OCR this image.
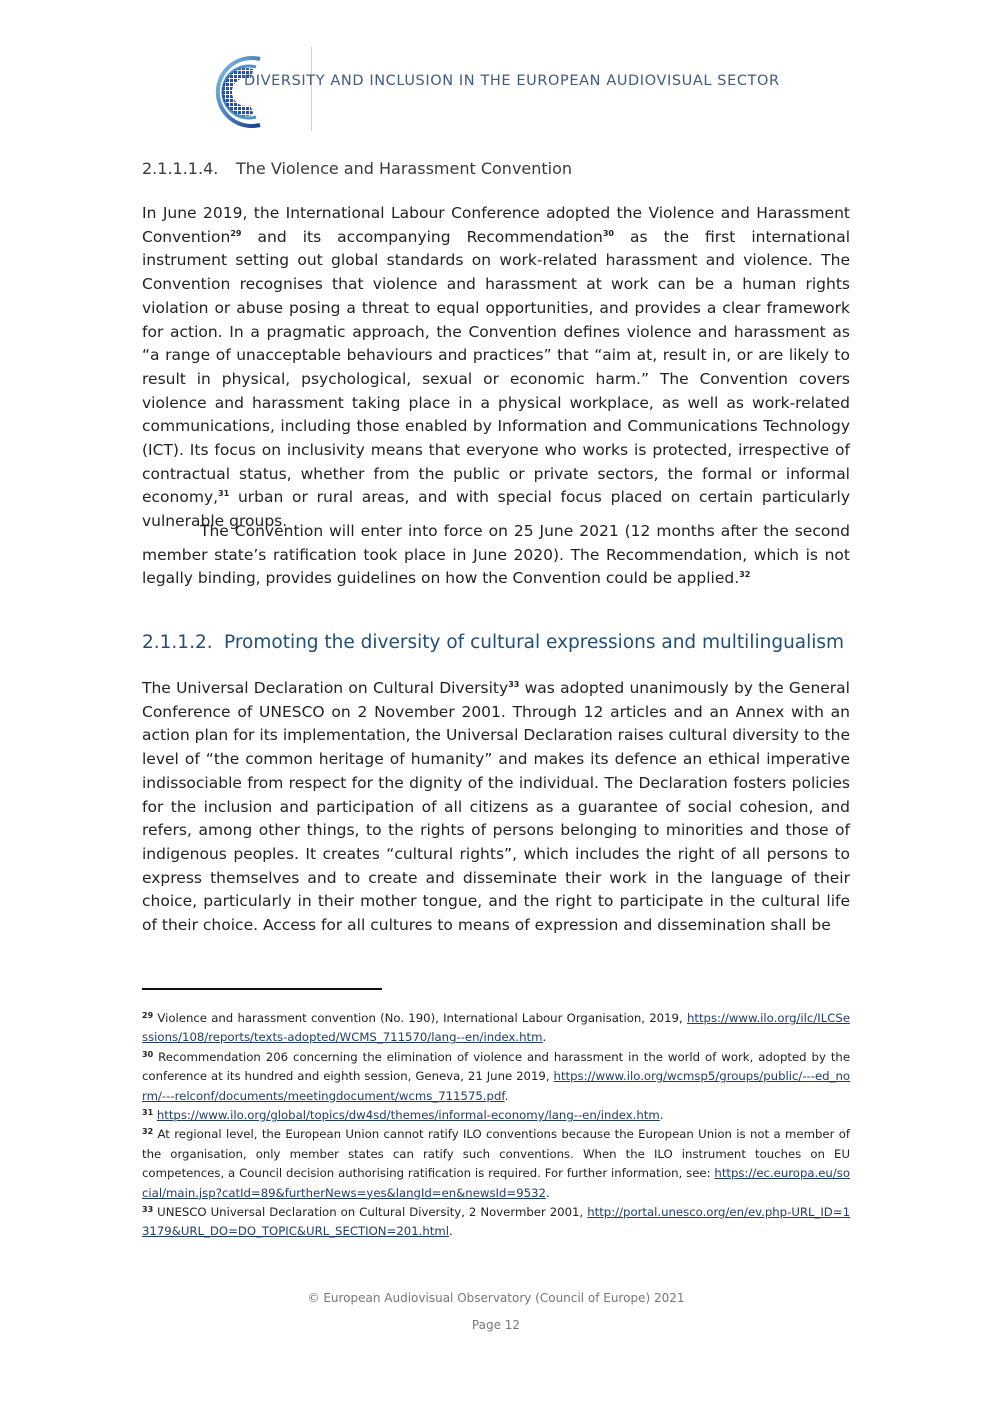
DIVERSITY AND INCLUSION IN THE EUROPEAN AUDIOVISUAL SECTOR
2.1.1.1.4. The Violence and Harassment Convention
In June 2019, the International Labour Conference adopted the Violence and Harassment Convention$^{29}$ and its accompanying Recommendation$^{30}$ as the first international instrument setting out global standards on work-related harassment and violence. The Convention recognises that violence and harassment at work can be a human rights violation or abuse posing a threat to equal opportunities, and provides a clear framework for action. In a pragmatic approach, the Convention defines violence and harassment as “a range of unacceptable behaviours and practices” that “aim at, result in, or are likely to result in physical, psychological, sexual or economic harm.” The Convention covers violence and harassment taking place in a physical workplace, as well as work-related communications, including those enabled by Information and Communications Technology (ICT). Its focus on inclusivity means that everyone who works is protected, irrespective of contractual status, whether from the public or private sectors, the formal or informal economy,$^{31}$ urban or rural areas, and with special focus placed on certain particularly vulnerable groups.
The Convention will enter into force on 25 June 2021 (12 months after the second member state’s ratification took place in June 2020). The Recommendation, which is not legally binding, provides guidelines on how the Convention could be applied.$^{32}$
2.1.1.2. Promoting the diversity of cultural expressions and multilingualism
The Universal Declaration on Cultural Diversity$^{33}$ was adopted unanimously by the General Conference of UNESCO on 2 November 2001. Through 12 articles and an Annex with an action plan for its implementation, the Universal Declaration raises cultural diversity to the level of “the common heritage of humanity” and makes its defence an ethical imperative indissociable from respect for the dignity of the individual. The Declaration fosters policies for the inclusion and participation of all citizens as a guarantee of social cohesion, and refers, among other things, to the rights of persons belonging to minorities and those of indigenous peoples. It creates “cultural rights”, which includes the right of all persons to express themselves and to create and disseminate their work in the language of their choice, particularly in their mother tongue, and the right to participate in the cultural life of their choice. Access for all cultures to means of expression and dissemination shall be
$^{29}$ Violence and harassment convention (No. 190), International Labour Organisation, 2019, https://www.ilo.org/ilc/ILCSessions/108/reports/texts-adopted/WCMS_711570/lang--en/index.htm.
$^{30}$ Recommendation 206 concerning the elimination of violence and harassment in the world of work, adopted by the conference at its hundred and eighth session, Geneva, 21 June 2019, https://www.ilo.org/wcmsp5/groups/public/---ed_norm/---relconf/documents/meetingdocument/wcms_711575.pdf.
$^{31}$ https://www.ilo.org/global/topics/dw4sd/themes/informal-economy/lang--en/index.htm.
$^{32}$ At regional level, the European Union cannot ratify ILO conventions because the European Union is not a member of the organisation, only member states can ratify such conventions. When the ILO instrument touches on EU competences, a Council decision authorising ratification is required. For further information, see: https://ec.europa.eu/social/main.jsp?catId=89&furtherNews=yes&langId=en&newsId=9532.
$^{33}$ UNESCO Universal Declaration on Cultural Diversity, 2 Novermber 2001, http://portal.unesco.org/en/ev.php-URL_ID=13179&URL_DO=DO_TOPIC&URL_SECTION=201.html.
© European Audiovisual Observatory (Council of Europe) 2021
Page 12
